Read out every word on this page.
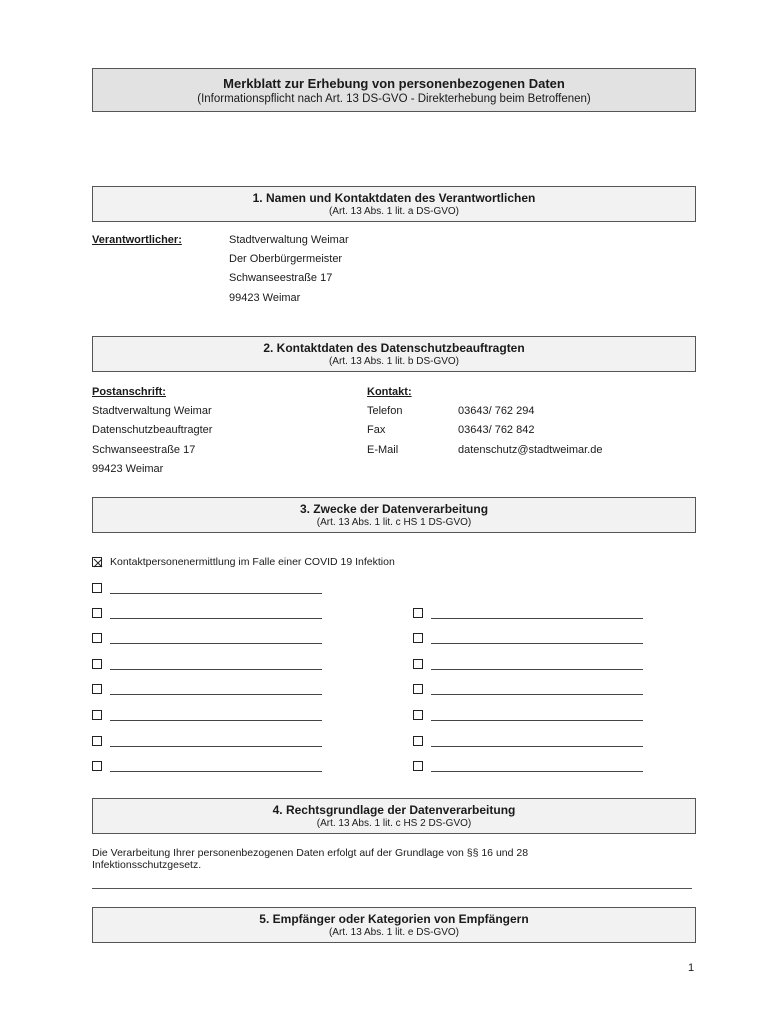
Merkblatt zur Erhebung von personenbezogenen Daten
(Informationspflicht nach Art. 13 DS-GVO - Direkterhebung beim Betroffenen)
1. Namen und Kontaktdaten des Verantwortlichen
(Art. 13 Abs. 1 lit. a DS-GVO)
Verantwortlicher:	Stadtverwaltung Weimar
Der Oberbürgermeister
Schwanseestraße 17
99423 Weimar
2. Kontaktdaten des Datenschutzbeauftragten
(Art. 13 Abs. 1 lit. b DS-GVO)
Postanschrift:
Stadtverwaltung Weimar
Datenschutzbeauftragter
Schwanseestraße 17
99423 Weimar
Kontakt:
Telefon	03643/ 762 294
Fax	03643/ 762 842
E-Mail	datenschutz@stadtweimar.de
3. Zwecke der Datenverarbeitung
(Art. 13 Abs. 1 lit. c HS 1 DS-GVO)
Kontaktpersonenermittlung im Falle einer COVID 19 Infektion
4. Rechtsgrundlage der Datenverarbeitung
(Art. 13 Abs. 1 lit. c HS 2 DS-GVO)
Die Verarbeitung Ihrer personenbezogenen Daten erfolgt auf der Grundlage von §§ 16 und 28 Infektionsschutzgesetz.
5. Empfänger oder Kategorien von Empfängern
(Art. 13 Abs. 1 lit. e DS-GVO)
1
